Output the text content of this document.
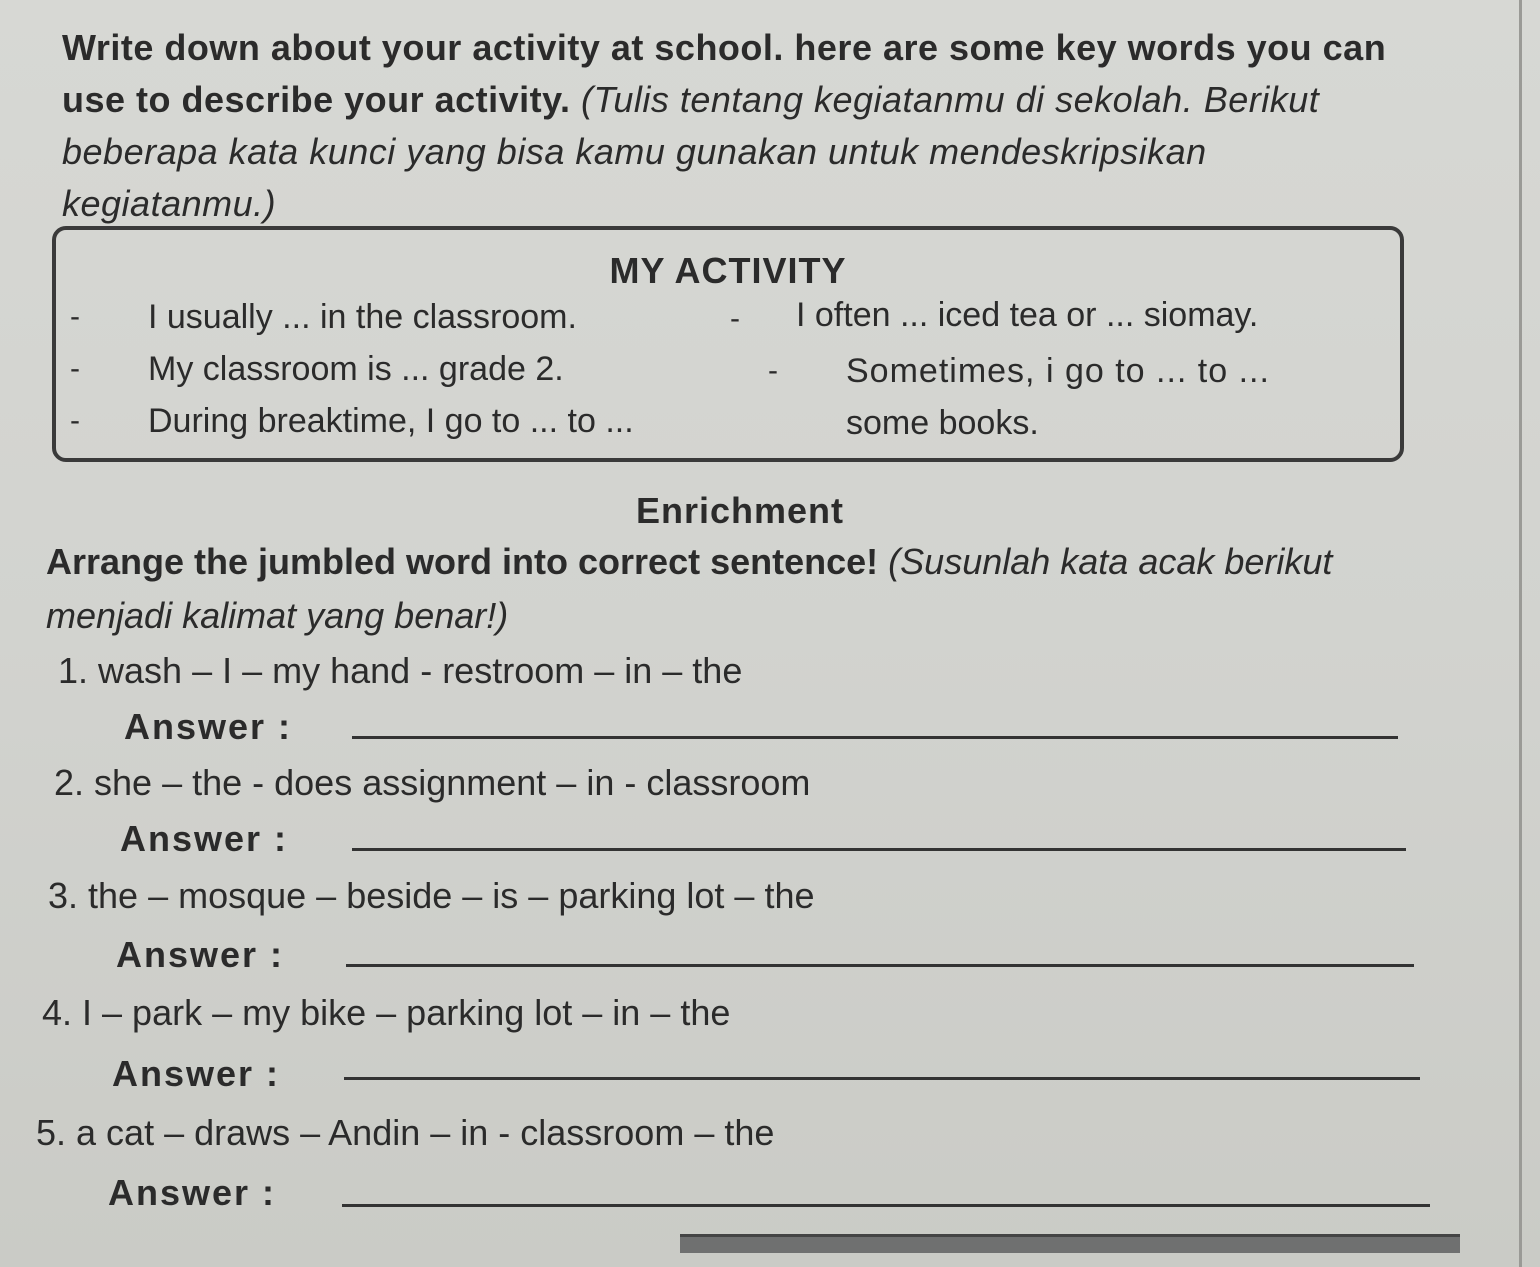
Write down about your activity at school. here are some key words you can use to describe your activity. (Tulis tentang kegiatanmu di sekolah. Berikut beberapa kata kunci yang bisa kamu gunakan untuk mendeskripsikan kegiatanmu.)
MY ACTIVITY
- I usually ... in the classroom.
- My classroom is ... grade 2.
- During breaktime, I go to ... to ...
- I often ... iced tea or ... siomay.
- Sometimes, i go to ... to ...
some books.
Enrichment
Arrange the jumbled word into correct sentence! (Susunlah kata acak berikut menjadi kalimat yang benar!)
1. wash – I – my hand - restroom – in – the
Answer :
2. she – the - does assignment – in - classroom
Answer :
3. the – mosque – beside – is – parking lot – the
Answer :
4. I – park – my bike – parking lot – in – the
Answer :
5. a cat – draws – Andin – in - classroom – the
Answer :
